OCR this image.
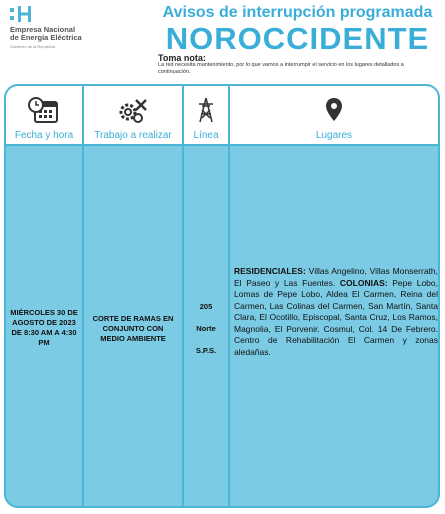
Empresa Nacional
de Energía Eléctrica
Gobierno de la República
Avisos de interrupción programada
NOROCCIDENTE
Toma nota:
La red necesita mantenimiento, por lo que vamos a interrumpir el servicio en los lugares detallados a continuación.
Fecha y hora
MIÉRCOLES 30 DE AGOSTO DE 2023 DE 8:30 AM A 4:30 PM
Trabajo a realizar
CORTE DE RAMAS EN CONJUNTO CON MEDIO AMBIENTE
Línea
205
Norte
S.P.S.
Lugares
RESIDENCIALES: Villas Angelino, Villas Monserrath, El Paseo y Las Fuentes. COLONIAS: Pepe Lobo, Lomas de Pepe Lobo, Aldea El Carmen, Reina del Carmen, Las Colinas del Carmen, San Martín, Santa Clara, El Ocotillo, Episcopal, Santa Cruz, Los Ramos, Magnolia, El Porvenir. Cosmul, Col. 14 De Febrero. Centro de Rehabilitación El Carmen y zonas aledañas.
